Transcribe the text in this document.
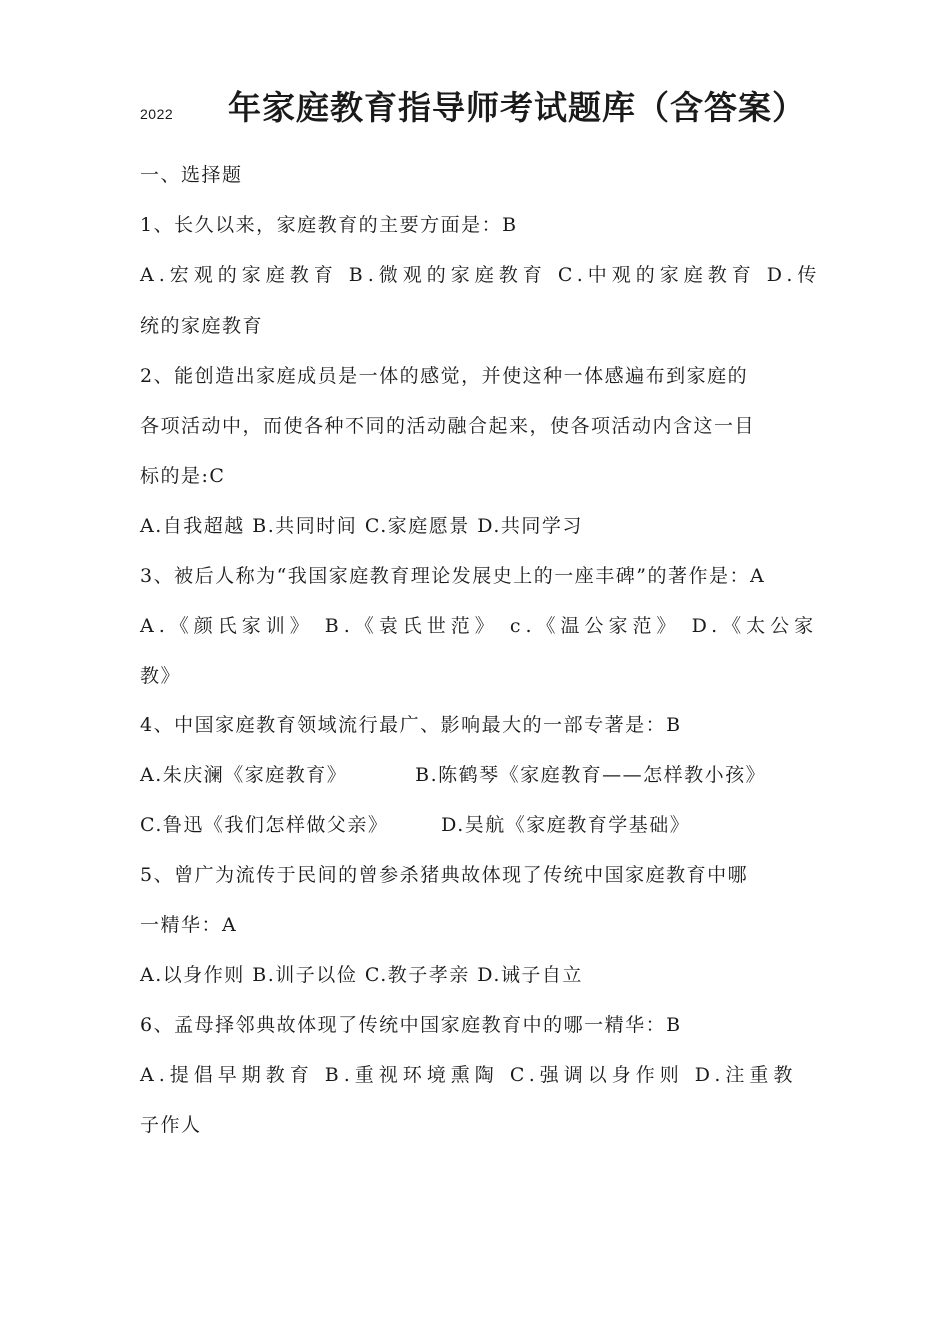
2022 年家庭教育指导师考试题库（含答案）
一、选择题
1、长久以来，家庭教育的主要方面是：B
A.宏观的家庭教育 B.微观的家庭教育 C.中观的家庭教育 D.传
统的家庭教育
2、能创造出家庭成员是一体的感觉，并使这种一体感遍布到家庭的
各项活动中，而使各种不同的活动融合起来，使各项活动内含这一目
标的是:C
A.自我超越 B.共同时间 C.家庭愿景 D.共同学习
3、被后人称为“我国家庭教育理论发展史上的一座丰碑”的著作是：A
A.《颜氏家训》 B.《袁氏世范》 c.《温公家范》 D.《太公家
教》
4、中国家庭教育领域流行最广、影响最大的一部专著是：B
A.朱庆澜《家庭教育》         B.陈鹤琴《家庭教育——怎样教小孩》
C.鲁迅《我们怎样做父亲》       D.吴航《家庭教育学基础》
5、曾广为流传于民间的曾参杀猪典故体现了传统中国家庭教育中哪
一精华：A
A.以身作则 B.训子以俭 C.教子孝亲 D.诫子自立
6、孟母择邻典故体现了传统中国家庭教育中的哪一精华：B
A.提倡早期教育 B.重视环境熏陶 C.强调以身作则 D.注重教
子作人
